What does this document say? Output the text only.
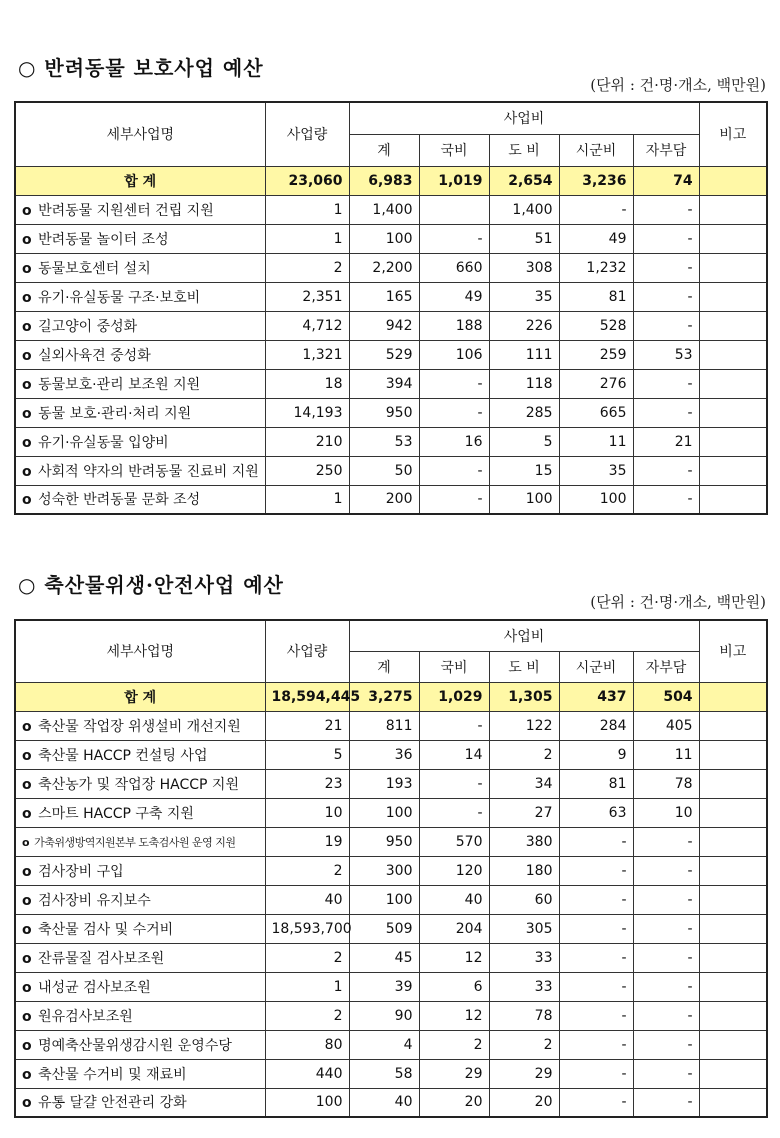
○ 반려동물 보호사업 예산
(단위 : 건·명·개소, 백만원)
세부사업명	사업량	사업비					비고
		계	국비	도 비	시군비	자부담	
합 계	23,060	6,983	1,019	2,654	3,236	74	
o 반려동물 지원센터 건립 지원	1	1,400		1,400	-	-	
o 반려동물 놀이터 조성	1	100	-	51	49	-	
o 동물보호센터 설치	2	2,200	660	308	1,232	-	
o 유기·유실동물 구조·보호비	2,351	165	49	35	81	-	
o 길고양이 중성화	4,712	942	188	226	528	-	
o 실외사육견 중성화	1,321	529	106	111	259	53	
o 동물보호·관리 보조원 지원	18	394	-	118	276	-	
o 동물 보호·관리·처리 지원	14,193	950	-	285	665	-	
o 유기·유실동물 입양비	210	53	16	5	11	21	
o 사회적 약자의 반려동물 진료비 지원	250	50	-	15	35	-	
o 성숙한 반려동물 문화 조성	1	200	-	100	100	-	
○ 축산물위생·안전사업 예산
(단위 : 건·명·개소, 백만원)
세부사업명	사업량	사업비					비고
		계	국비	도 비	시군비	자부담	
합 계	18,594,445	3,275	1,029	1,305	437	504	
o 축산물 작업장 위생설비 개선지원	21	811	-	122	284	405	
o 축산물 HACCP 컨설팅 사업	5	36	14	2	9	11	
o 축산농가 및 작업장 HACCP 지원	23	193	-	34	81	78	
o 스마트 HACCP 구축 지원	10	100	-	27	63	10	
o 가축위생방역지원본부 도축검사원 운영 지원	19	950	570	380	-	-	
o 검사장비 구입	2	300	120	180	-	-	
o 검사장비 유지보수	40	100	40	60	-	-	
o 축산물 검사 및 수거비	18,593,700	509	204	305	-	-	
o 잔류물질 검사보조원	2	45	12	33	-	-	
o 내성균 검사보조원	1	39	6	33	-	-	
o 원유검사보조원	2	90	12	78	-	-	
o 명예축산물위생감시원 운영수당	80	4	2	2	-	-	
o 축산물 수거비 및 재료비	440	58	29	29	-	-	
o 유통 달걀 안전관리 강화	100	40	20	20	-	-	
